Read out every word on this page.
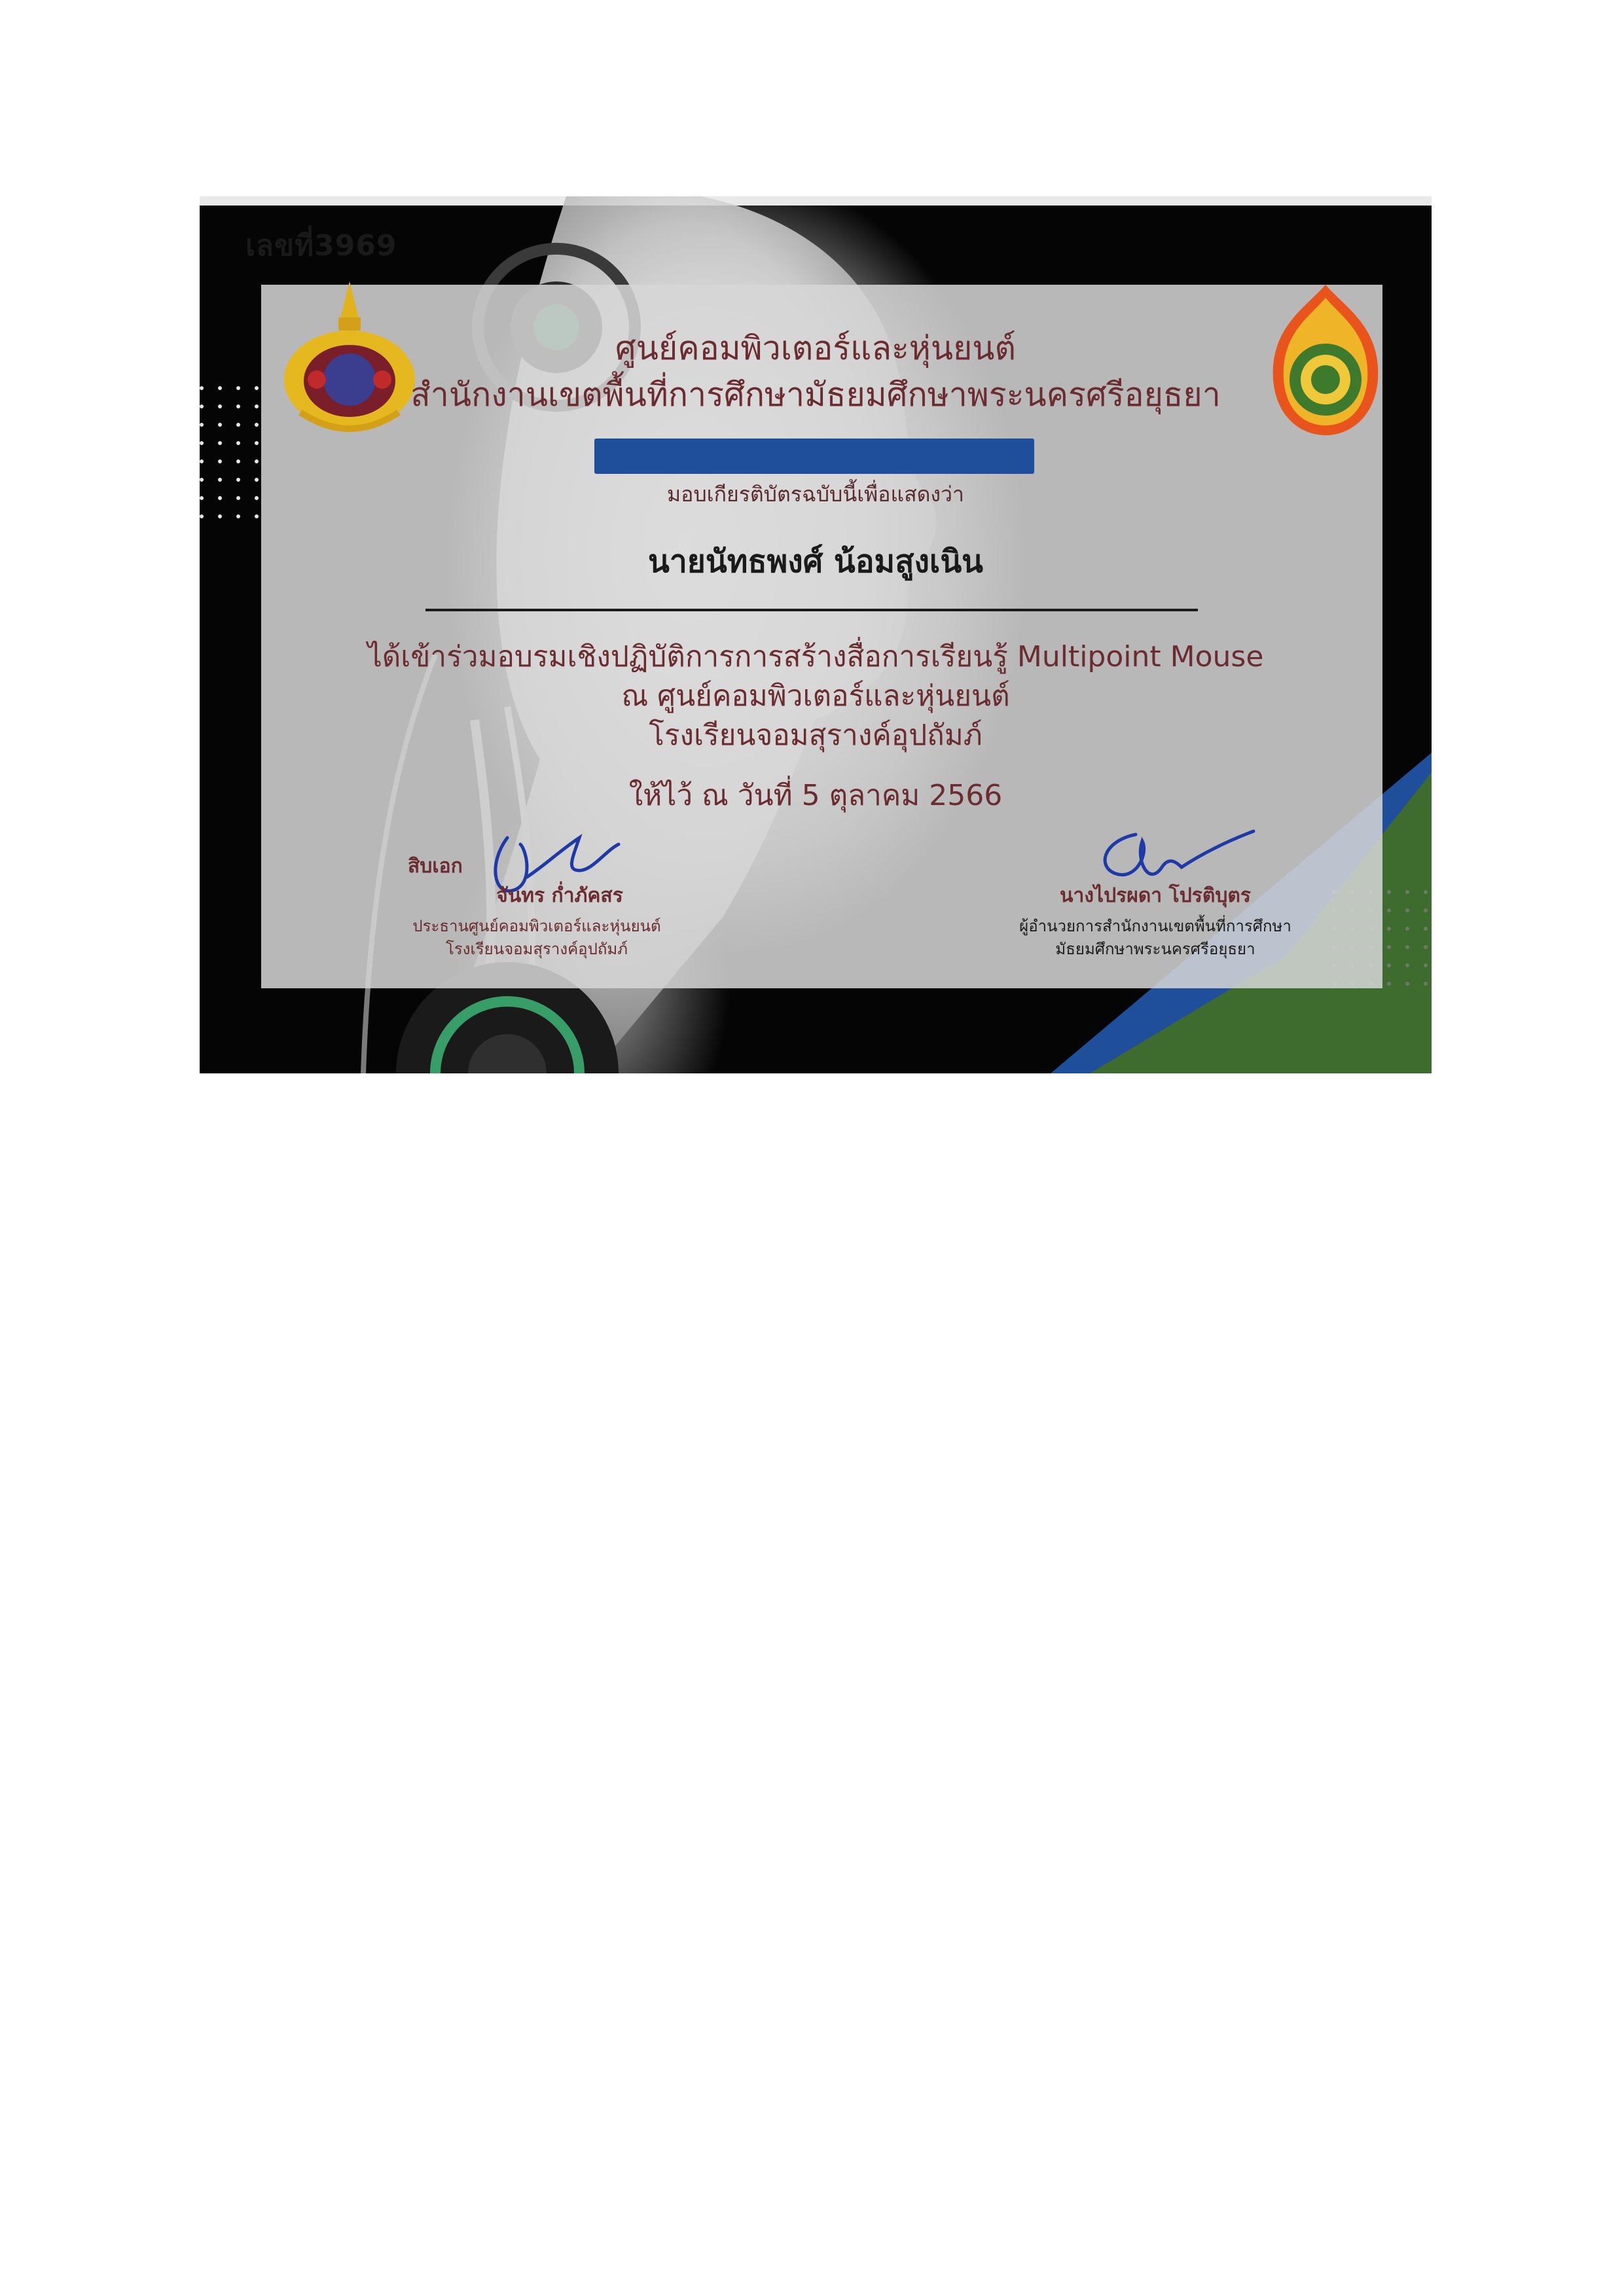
เลขที่3969
ศูนย์คอมพิวเตอร์และหุ่นยนต์
สำนักงานเขตพื้นที่การศึกษามัธยมศึกษาพระนครศรีอยุธยา
มอบเกียรติบัตรฉบับนี้เพื่อแสดงว่า
นายนัทธพงศ์ น้อมสูงเนิน
ได้เข้าร่วมอบรมเชิงปฏิบัติการการสร้างสื่อการเรียนรู้ Multipoint Mouse
ณ ศูนย์คอมพิวเตอร์และหุ่นยนต์
โรงเรียนจอมสุรางค์อุปถัมภ์
ให้ไว้ ณ วันที่ 5 ตุลาคม 2566
สิบเอก
จันทร ก่ำภัคสร
ประธานศูนย์คอมพิวเตอร์และหุ่นยนต์
โรงเรียนจอมสุรางค์อุปถัมภ์
นางไปรผดา โปรติบุตร
ผู้อำนวยการสำนักงานเขตพื้นที่การศึกษา
มัธยมศึกษาพระนครศรีอยุธยา
